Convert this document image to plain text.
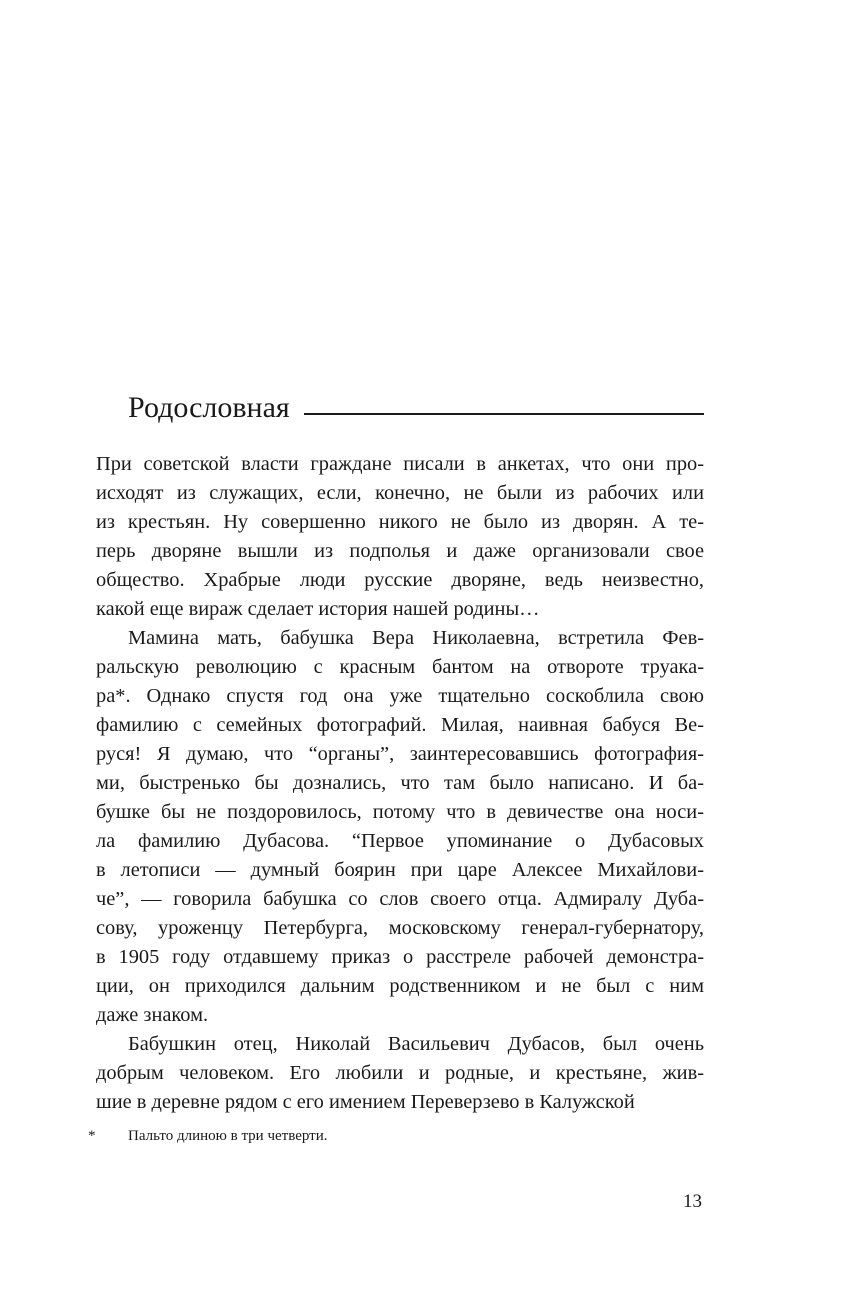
Родословная
При советской власти граждане писали в анкетах, что они про-
исходят из служащих, если, конечно, не были из рабочих или
из крестьян. Ну совершенно никого не было из дворян. А те-
перь дворяне вышли из подполья и даже организовали свое
общество. Храбрые люди русские дворяне, ведь неизвестно,
какой еще вираж сделает история нашей родины…
Мамина мать, бабушка Вера Николаевна, встретила Фев-
ральскую революцию с красным бантом на отвороте труака-
ра*. Однако спустя год она уже тщательно соскоблила свою
фамилию с семейных фотографий. Милая, наивная бабуся Ве-
руся! Я думаю, что “органы”, заинтересовавшись фотография-
ми, быстренько бы дознались, что там было написано. И ба-
бушке бы не поздоровилось, потому что в девичестве она носи-
ла фамилию Дубасова. “Первое упоминание о Дубасовых
в летописи — думный боярин при царе Алексее Михайлови-
че”, — говорила бабушка со слов своего отца. Адмиралу Дуба-
сову, уроженцу Петербурга, московскому генерал-губернатору,
в 1905 году отдавшему приказ о расстреле рабочей демонстра-
ции, он приходился дальним родственником и не был с ним
даже знаком.
Бабушкин отец, Николай Васильевич Дубасов, был очень
добрым человеком. Его любили и родные, и крестьяне, жив-
шие в деревне рядом с его имением Переверзево в Калужской
* Пальто длиною в три четверти.
13
